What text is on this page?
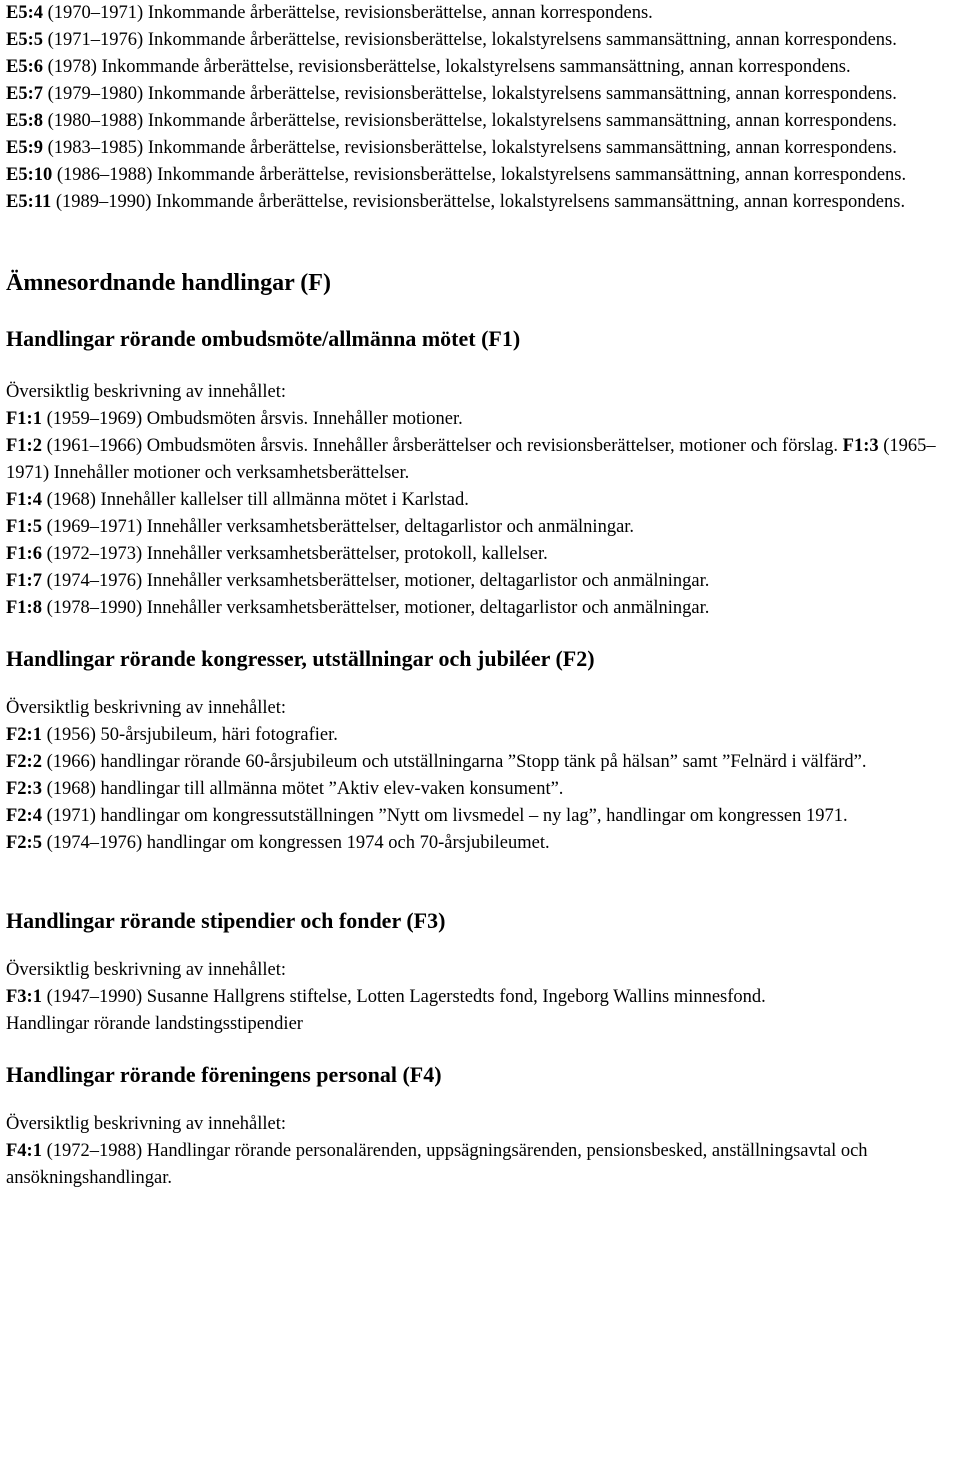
E5:4 (1970–1971) Inkommande årberättelse, revisionsberättelse, annan korrespondens.

E5:5 (1971–1976) Inkommande årberättelse, revisionsberättelse, lokalstyrelsens sammansättning, annan korrespondens.

E5:6 (1978) Inkommande årberättelse, revisionsberättelse, lokalstyrelsens sammansättning, annan korrespondens.

E5:7 (1979–1980) Inkommande årberättelse, revisionsberättelse, lokalstyrelsens sammansättning, annan korrespondens.

E5:8 (1980–1988) Inkommande årberättelse, revisionsberättelse, lokalstyrelsens sammansättning, annan korrespondens.

E5:9 (1983–1985) Inkommande årberättelse, revisionsberättelse, lokalstyrelsens sammansättning, annan korrespondens.

E5:10 (1986–1988) Inkommande årberättelse, revisionsberättelse, lokalstyrelsens sammansättning, annan korrespondens.

E5:11 (1989–1990) Inkommande årberättelse, revisionsberättelse, lokalstyrelsens sammansättning, annan korrespondens.

Ämnesordnande handlingar (F)
Handlingar rörande ombudsmöte/allmänna mötet (F1)

Översiktlig beskrivning av innehållet:

F1:1 (1959–1969) Ombudsmöten årsvis. Innehåller motioner.

F1:2 (1961–1966) Ombudsmöten årsvis. Innehåller årsberättelser och revisionsberättelser, motioner och förslag. F1:3 (1965–1971) Innehåller motioner och verksamhetsberättelser.

F1:4 (1968) Innehåller kallelser till allmänna mötet i Karlstad.

F1:5 (1969–1971) Innehåller verksamhetsberättelser, deltagarlistor och anmälningar.

F1:6 (1972–1973) Innehåller verksamhetsberättelser, protokoll, kallelser.

F1:7 (1974–1976) Innehåller verksamhetsberättelser, motioner, deltagarlistor och anmälningar.

F1:8 (1978–1990) Innehåller verksamhetsberättelser, motioner, deltagarlistor och anmälningar.

Handlingar rörande kongresser, utställningar och jubiléer (F2)

Översiktlig beskrivning av innehållet:

F2:1 (1956) 50-årsjubileum, häri fotografier.

F2:2 (1966) handlingar rörande 60-årsjubileum och utställningarna ”Stopp tänk på hälsan” samt ”Felnärd i välfärd”.

F2:3 (1968) handlingar till allmänna mötet ”Aktiv elev-vaken konsument”.

F2:4 (1971) handlingar om kongressutställningen ”Nytt om livsmedel – ny lag”, handlingar om kongressen 1971.

F2:5 (1974–1976) handlingar om kongressen 1974 och 70-årsjubileumet.

Handlingar rörande stipendier och fonder (F3)

Översiktlig beskrivning av innehållet:

F3:1 (1947–1990) Susanne Hallgrens stiftelse, Lotten Lagerstedts fond, Ingeborg Wallins minnesfond.

Handlingar rörande landstingsstipendier

Handlingar rörande föreningens personal (F4)

Översiktlig beskrivning av innehållet:

F4:1 (1972–1988) Handlingar rörande personalärenden, uppsägningsärenden, pensionsbesked, anställningsavtal och ansökningshandlingar.
